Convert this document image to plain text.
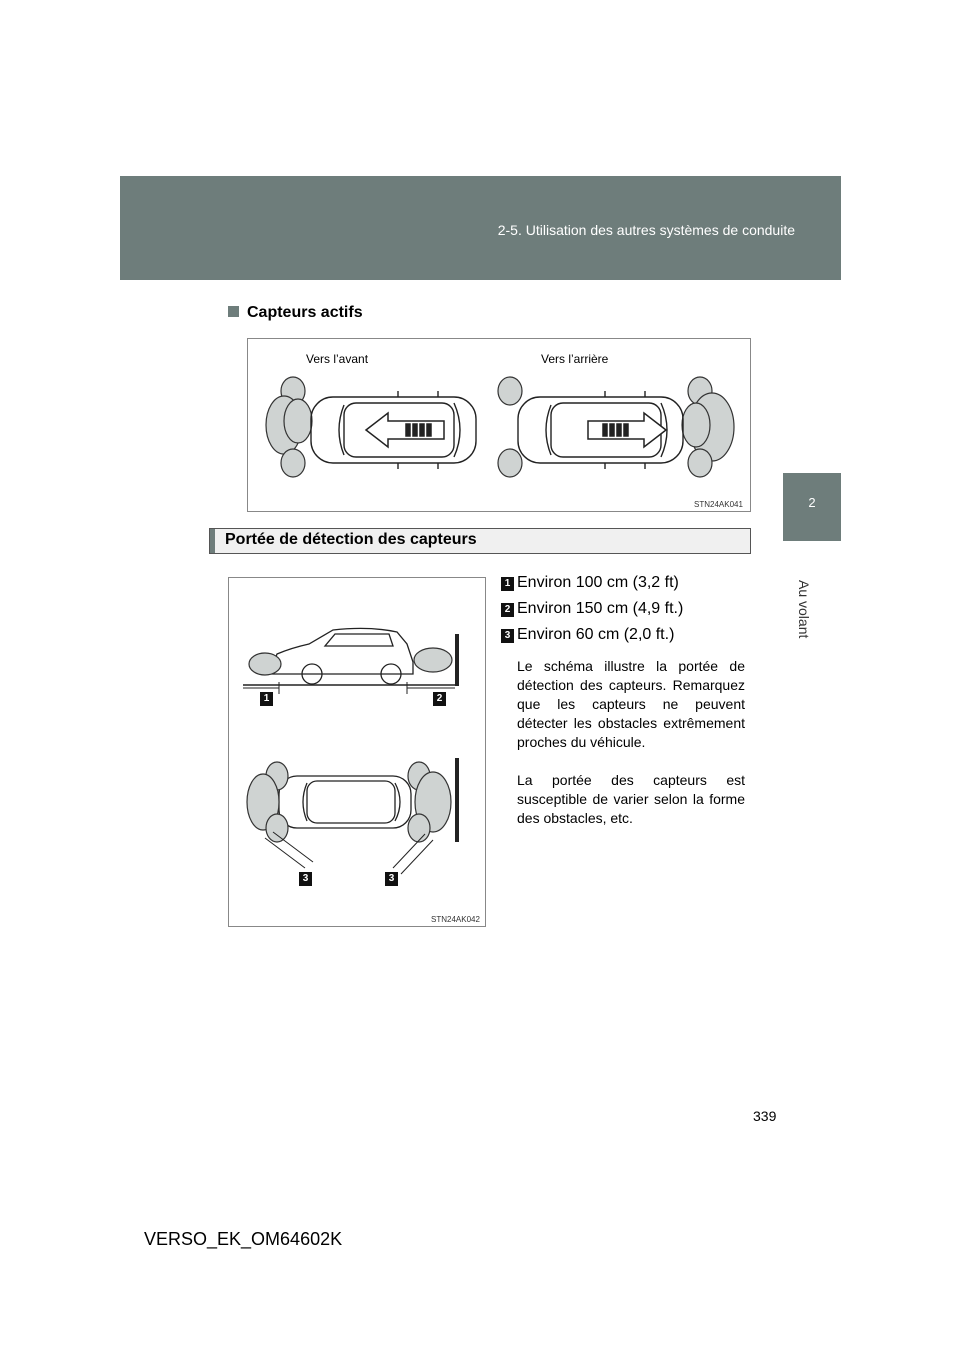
2-5. Utilisation des autres systèmes de conduite
2
Au volant
Capteurs actifs
Vers l’avant	Vers l’arrière
STN24AK041
Portée de détection des capteurs
1	2
3	3
STN24AK042
1 Environ 100 cm (3,2 ft)
2 Environ 150 cm (4,9 ft.)
3 Environ 60 cm (2,0 ft.)
Le schéma illustre la portée de détection des capteurs. Remarquez que les capteurs ne peuvent détecter les obstacles extrêmement proches du véhicule.
La portée des capteurs est susceptible de varier selon la forme des obstacles, etc.
339
VERSO_EK_OM64602K
